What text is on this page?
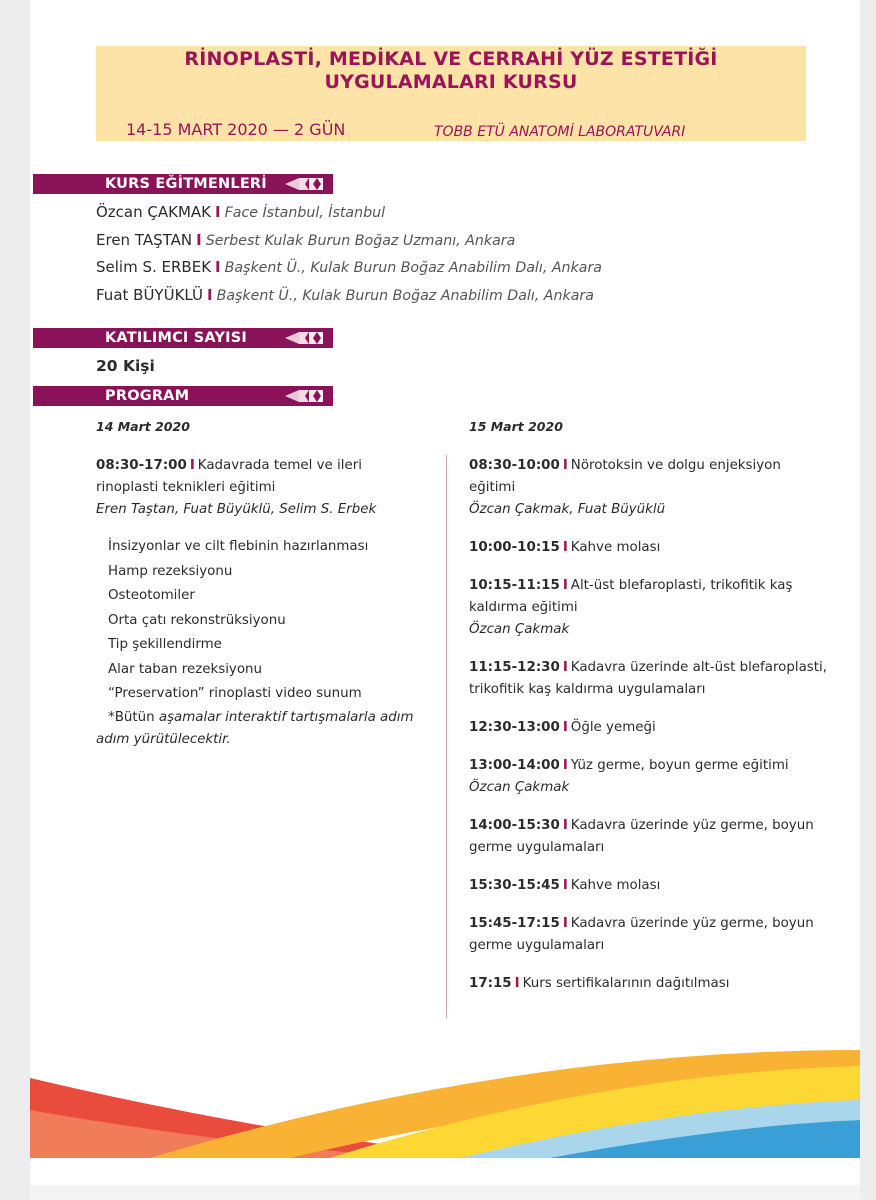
RİNOPLASTİ, MEDİKAL VE CERRAHİ YÜZ ESTETİĞİ
UYGULAMALARI KURSU
14-15 MART 2020 — 2 GÜN	TOBB ETÜ ANATOMİ LABORATUVARI
KURS EĞİTMENLERİ
Özcan ÇAKMAK I Face İstanbul, İstanbul
Eren TAŞTAN I Serbest Kulak Burun Boğaz Uzmanı, Ankara
Selim S. ERBEK I Başkent Ü., Kulak Burun Boğaz Anabilim Dalı, Ankara
Fuat BÜYÜKLÜ I Başkent Ü., Kulak Burun Boğaz Anabilim Dalı, Ankara
KATILIMCI SAYISI
20 Kişi
PROGRAM
14 Mart 2020	15 Mart 2020
08:30-17:00 I Kadavrada temel ve ileri rinoplasti teknikleri eğitimi
Eren Taştan, Fuat Büyüklü, Selim S. Erbek
İnsizyonlar ve cilt flebinin hazırlanması
Hamp rezeksiyonu
Osteotomiler
Orta çatı rekonstrüksiyonu
Tip şekillendirme
Alar taban rezeksiyonu
“Preservation” rinoplasti video sunum
*Bütün aşamalar interaktif tartışmalarla adım adım yürütülecektir.
08:30-10:00 I Nörotoksin ve dolgu enjeksiyon eğitimi
Özcan Çakmak, Fuat Büyüklü
10:00-10:15 I Kahve molası
10:15-11:15 I Alt-üst blefaroplasti, trikofitik kaş kaldırma eğitimi
Özcan Çakmak
11:15-12:30 I Kadavra üzerinde alt-üst blefaroplasti, trikofitik kaş kaldırma uygulamaları
12:30-13:00 I Öğle yemeği
13:00-14:00 I Yüz germe, boyun germe eğitimi
Özcan Çakmak
14:00-15:30 I Kadavra üzerinde yüz germe, boyun germe uygulamaları
15:30-15:45 I Kahve molası
15:45-17:15 I Kadavra üzerinde yüz germe, boyun germe uygulamaları
17:15 I Kurs sertifikalarının dağıtılması
